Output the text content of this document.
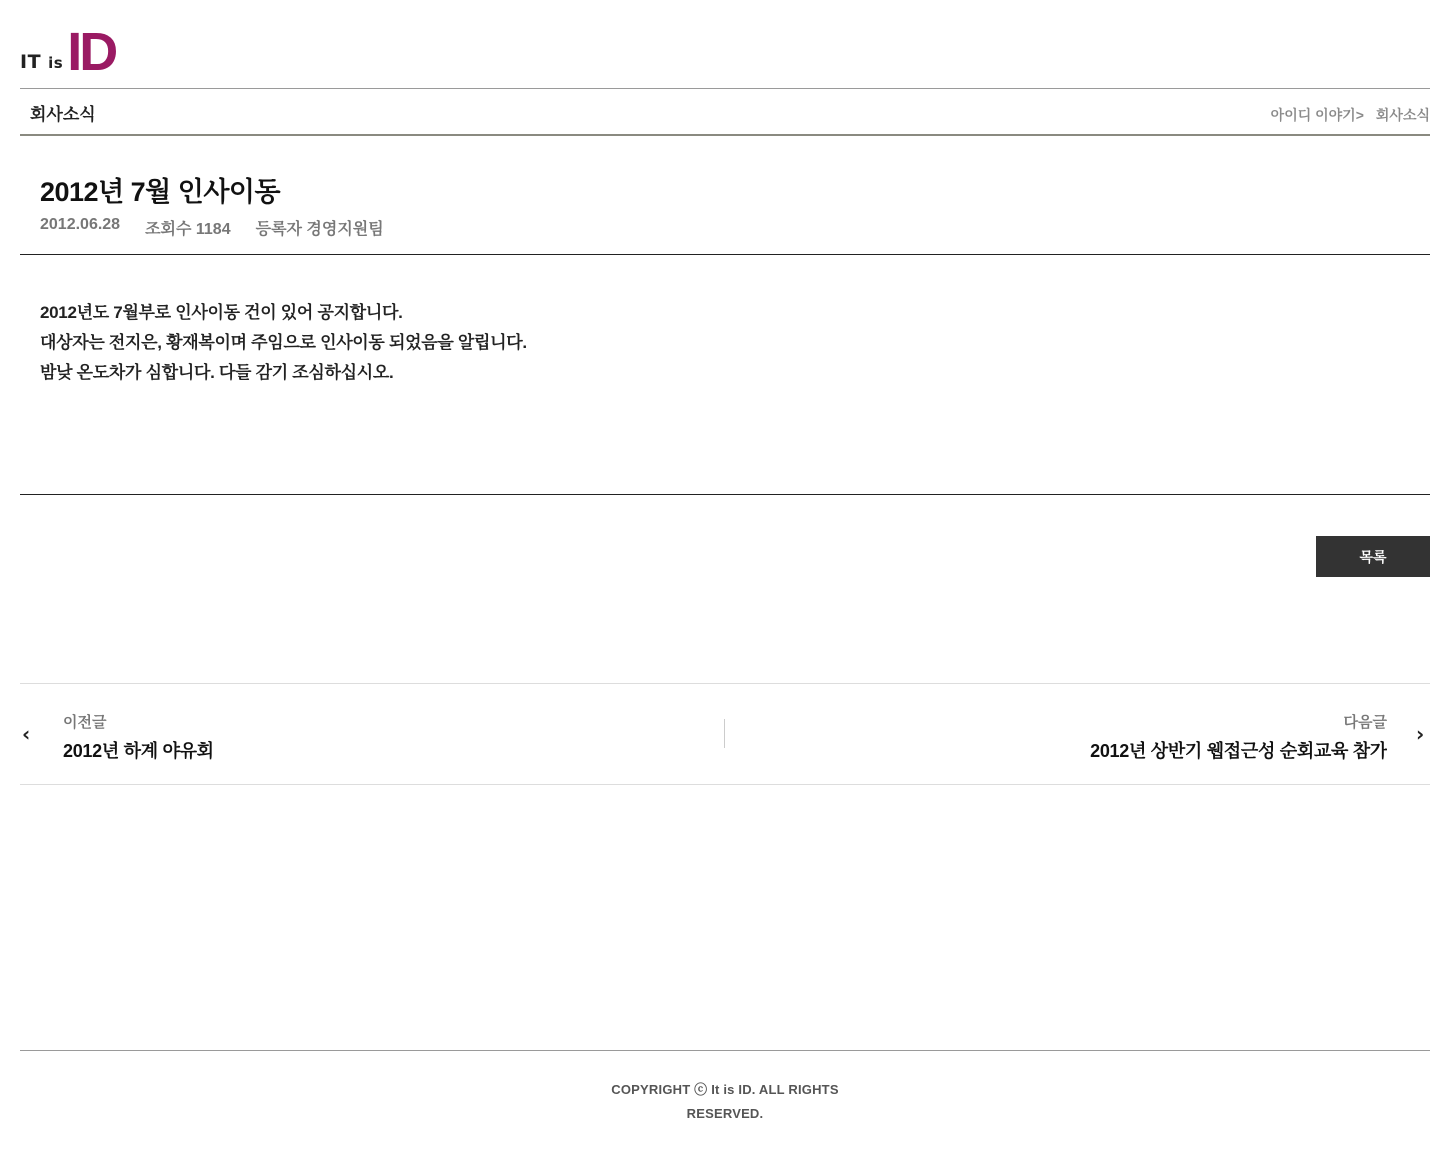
IT is ID
회사소식	아이디 이야기> 회사소식
2012년 7월 인사이동
2012.06.28 조회수 1184 등록자 경영지원팀

2012년도 7월부로 인사이동 건이 있어 공지합니다.

대상자는 전지은, 황재복이며 주임으로 인사이동 되었음을 알립니다.

밤낮 온도차가 심합니다. 다들 감기 조심하십시오.

목록
‹ 이전글
2012년 하계 야유회
다음글
2012년 상반기 웹접근성 순회교육 참가
›
COPYRIGHT ⓒ It is ID. ALL RIGHTS
RESERVED.
